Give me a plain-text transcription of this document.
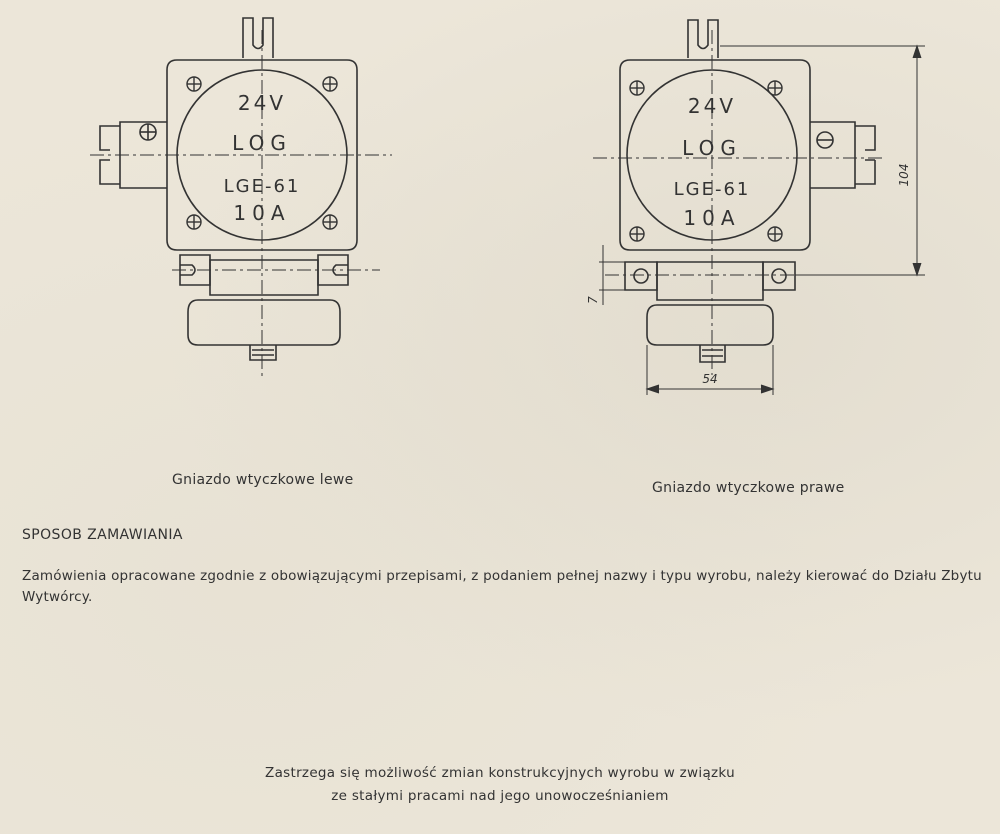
24V
LOG
LGE-61
10A
24V
LOG
LGE-61
10A
104
7
54
Gniazdo wtyczkowe lewe	Gniazdo wtyczkowe prawe
SPOSOB ZAMAWIANIA
Zamówienia opracowane zgodnie z obowiązującymi przepisami, z podaniem pełnej nazwy i typu wyrobu, należy kierować do Działu Zbytu Wytwórcy.
Zastrzega się możliwość zmian konstrukcyjnych wyrobu w związku
ze stałymi pracami nad jego unowocześnianiem
